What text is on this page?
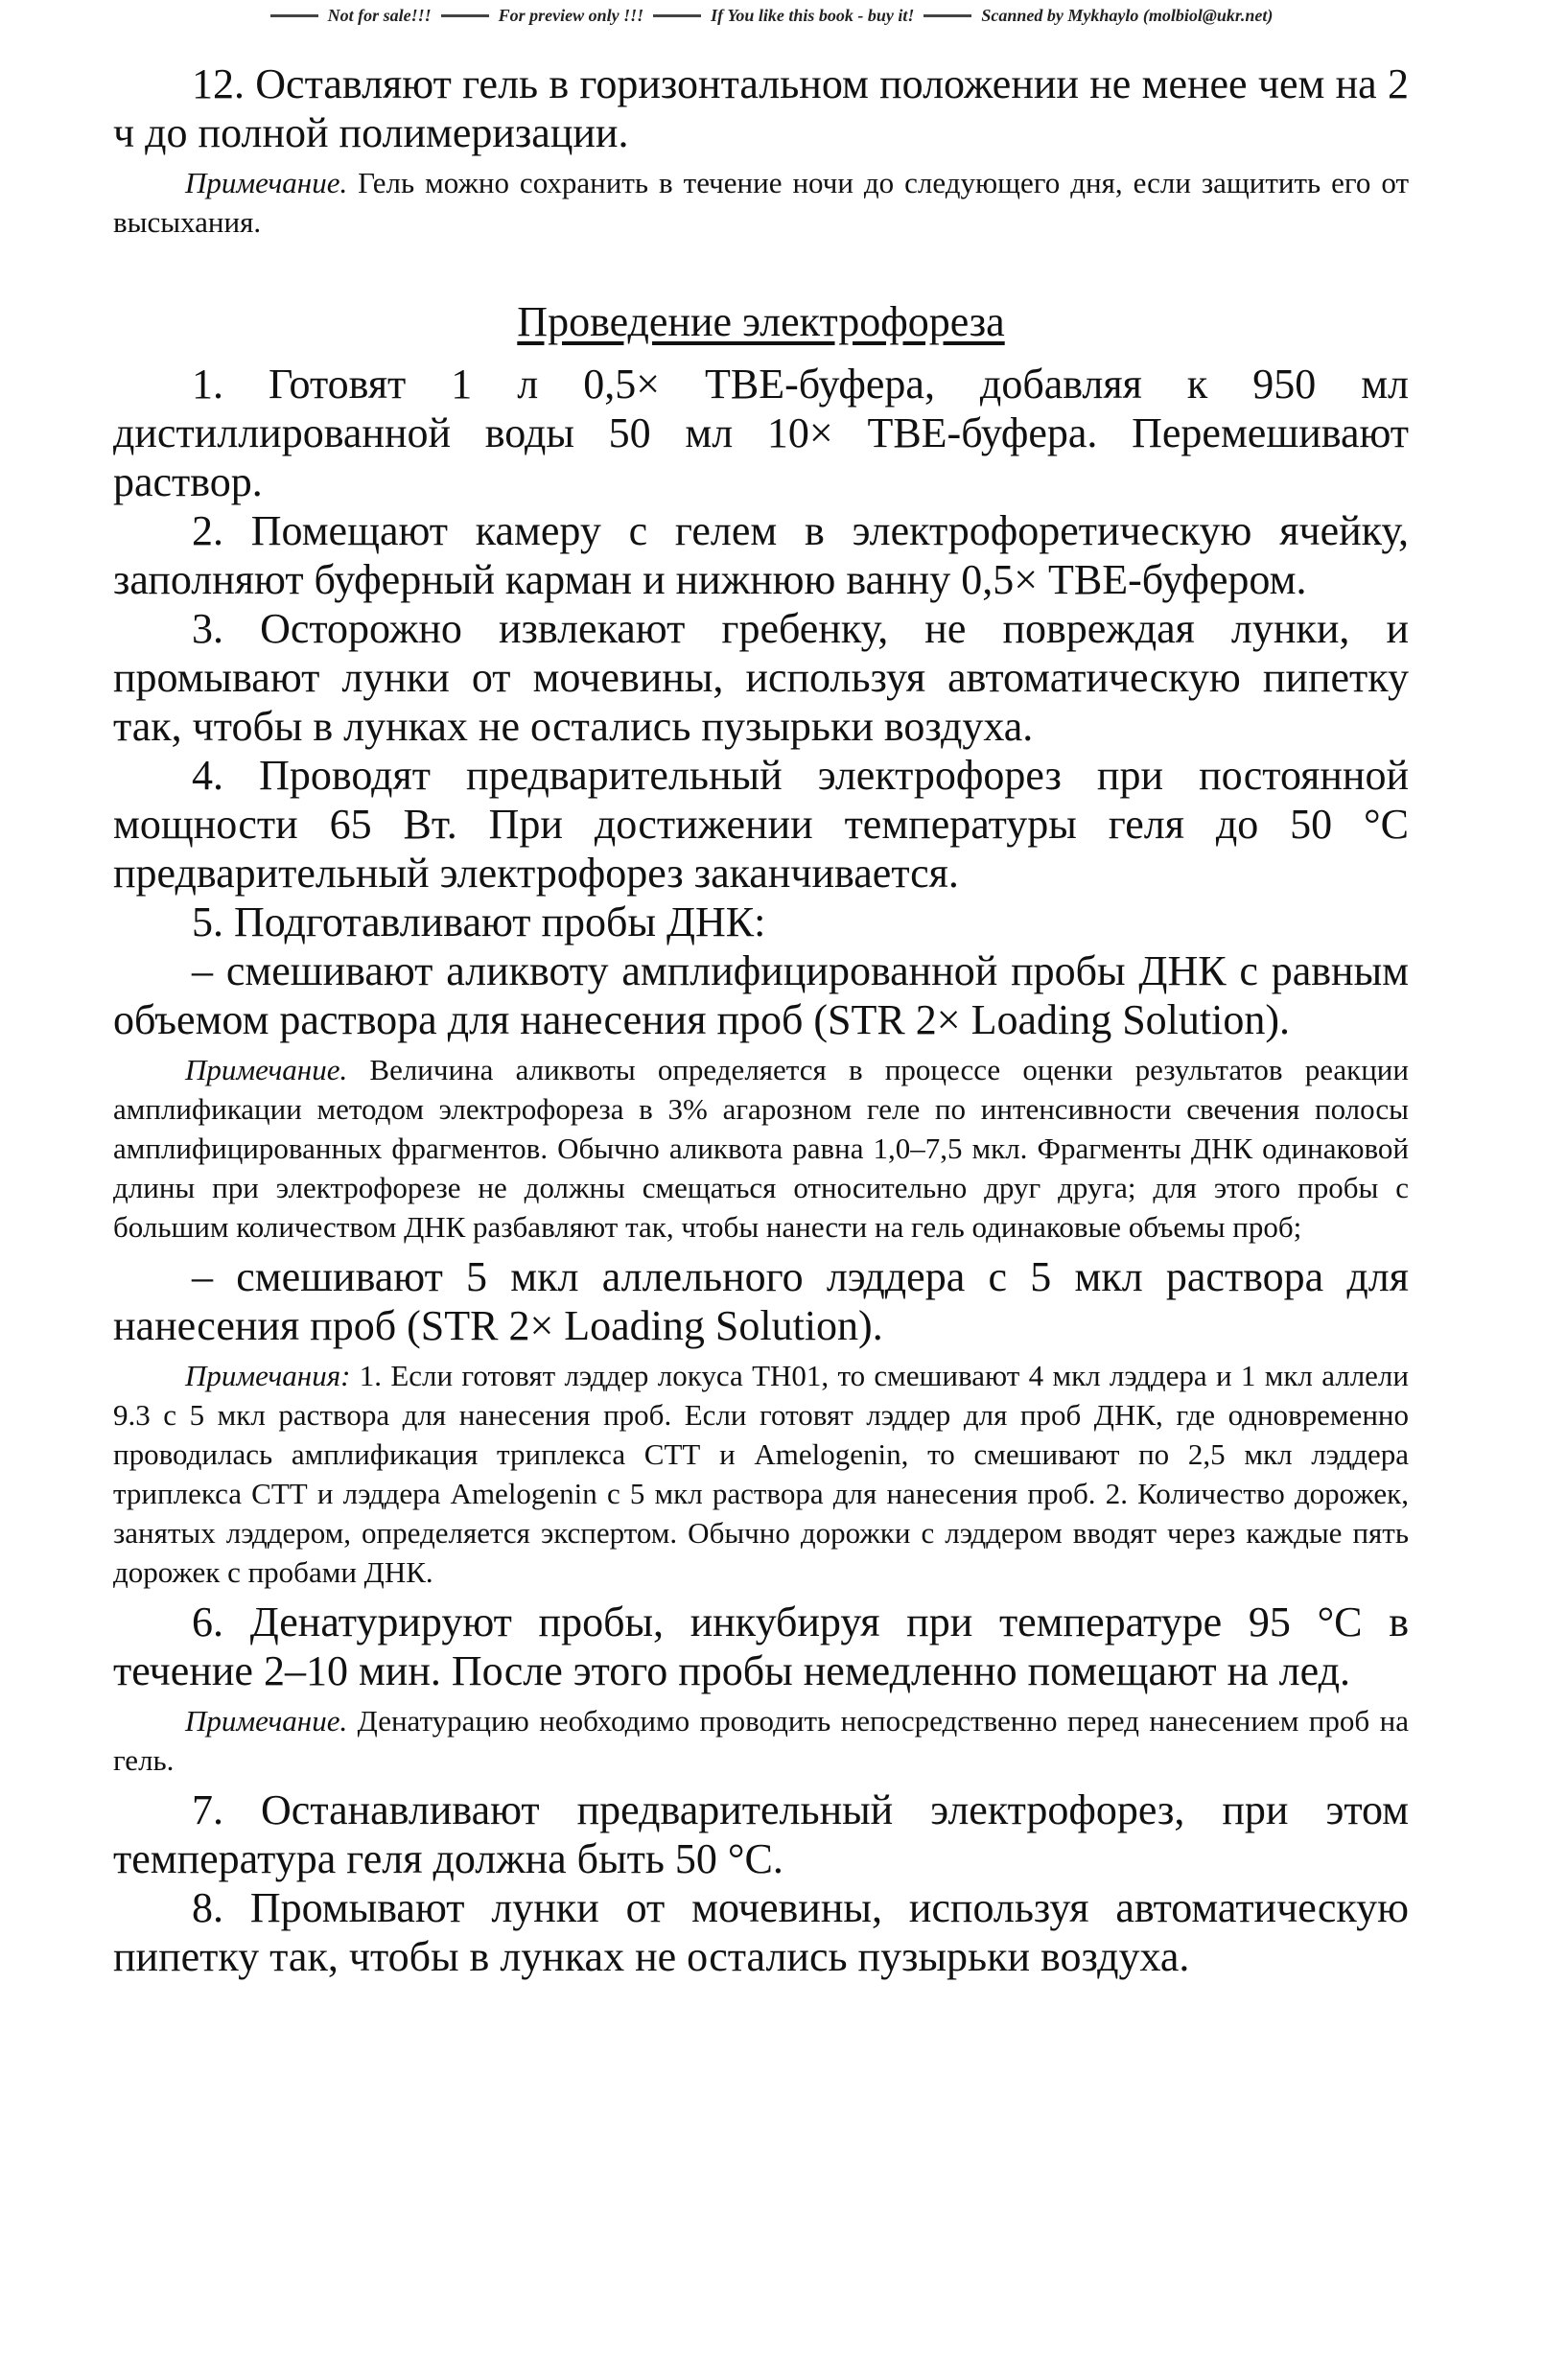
Not for sale!!!	For preview only !!!	If You like this book - buy it!	Scanned by Mykhaylo (molbiol@ukr.net)

12. Оставляют гель в горизонтальном положении не менее чем на 2 ч до полной полимеризации.

Примечание. Гель можно сохранить в течение ночи до следующего дня, если защитить его от высыхания.

Проведение электрофореза

1. Готовят 1 л 0,5× ТВЕ-буфера, добавляя к 950 мл дистиллированной воды 50 мл 10× ТВЕ-буфера. Перемешивают раствор.

2. Помещают камеру с гелем в электрофоретическую ячейку, заполняют буферный карман и нижнюю ванну 0,5× ТВЕ-буфером.

3. Осторожно извлекают гребенку, не повреждая лунки, и промывают лунки от мочевины, используя автоматическую пипетку так, чтобы в лунках не остались пузырьки воздуха.

4. Проводят предварительный электрофорез при постоянной мощности 65 Вт. При достижении температуры геля до 50 °С предварительный электрофорез заканчивается.

5. Подготавливают пробы ДНК:

– смешивают аликвоту амплифицированной пробы ДНК с равным объемом раствора для нанесения проб (STR 2× Loading Solution).

Примечание. Величина аликвоты определяется в процессе оценки результатов реакции амплификации методом электрофореза в 3% агарозном геле по интенсивности свечения полосы амплифицированных фрагментов. Обычно аликвота равна 1,0–7,5 мкл. Фрагменты ДНК одинаковой длины при электрофорезе не должны смещаться относительно друг друга; для этого пробы с большим количеством ДНК разбавляют так, чтобы нанести на гель одинаковые объемы проб;

– смешивают 5 мкл аллельного лэддера с 5 мкл раствора для нанесения проб (STR 2× Loading Solution).

Примечания: 1. Если готовят лэддер локуса TH01, то смешивают 4 мкл лэддера и 1 мкл аллели 9.3 с 5 мкл раствора для нанесения проб. Если готовят лэддер для проб ДНК, где одновременно проводилась амплификация триплекса СТТ и Amelogenin, то смешивают по 2,5 мкл лэддера триплекса СТТ и лэддера Amelogenin с 5 мкл раствора для нанесения проб. 2. Количество дорожек, занятых лэддером, определяется экспертом. Обычно дорожки с лэддером вводят через каждые пять дорожек с пробами ДНК.

6. Денатурируют пробы, инкубируя при температуре 95 °С в течение 2–10 мин. После этого пробы немедленно помещают на лед.

Примечание. Денатурацию необходимо проводить непосредственно перед нанесением проб на гель.

7. Останавливают предварительный электрофорез, при этом температура геля должна быть 50 °С.

8. Промывают лунки от мочевины, используя автоматическую пипетку так, чтобы в лунках не остались пузырьки воздуха.
